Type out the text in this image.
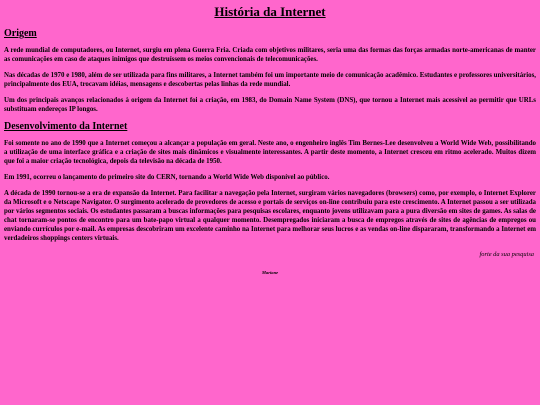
História da Internet
Origem

A rede mundial de computadores, ou Internet, surgiu em plena Guerra Fria. Criada com objetivos militares, seria uma das formas das forças armadas norte-americanas de manter as comunicações em caso de ataques inimigos que destruíssem os meios convencionais de telecomunicações.

Nas décadas de 1970 e 1980, além de ser utilizada para fins militares, a Internet também foi um importante meio de comunicação acadêmico. Estudantes e professores universitários, principalmente dos EUA, trocavam idéias, mensagens e descobertas pelas linhas da rede mundial.

Um dos principais avanços relacionados à origem da Internet foi a criação, em 1983, do Domain Name System (DNS), que tornou a Internet mais acessível ao permitir que URLs substituam endereços IP longos.

Desenvolvimento da Internet

Foi somente no ano de 1990 que a Internet começou a alcançar a população em geral. Neste ano, o engenheiro inglês Tim Bernes-Lee desenvolveu a World Wide Web, possibilitando a utilização de uma interface gráfica e a criação de sites mais dinâmicos e visualmente interessantes. A partir deste momento, a Internet cresceu em ritmo acelerado. Muitos dizem que foi a maior criação tecnológica, depois da televisão na década de 1950.

Em 1991, ocorreu o lançamento do primeiro site do CERN, tornando a World Wide Web disponível ao público.

A década de 1990 tornou-se a era de expansão da Internet. Para facilitar a navegação pela Internet, surgiram vários navegadores (browsers) como, por exemplo, o Internet Explorer da Microsoft e o Netscape Navigator. O surgimento acelerado de provedores de acesso e portais de serviços on-line contribuiu para este crescimento. A Internet passou a ser utilizada por vários segmentos sociais. Os estudantes passaram a buscas informações para pesquisas escolares, enquanto jovens utilizavam para a pura diversão em sites de games. As salas de chat tornaram-se pontos de encontro para um bate-papo virtual a qualquer momento. Desempregados iniciaram a busca de empregos através de sites de agências de empregos ou enviando currículos por e-mail. As empresas descobriram um excelente caminho na Internet para melhorar seus lucros e as vendas on-line dispararam, transformando a Internet em verdadeiros shoppings centers virtuais.

forte da sua pesquisa

Mariane
